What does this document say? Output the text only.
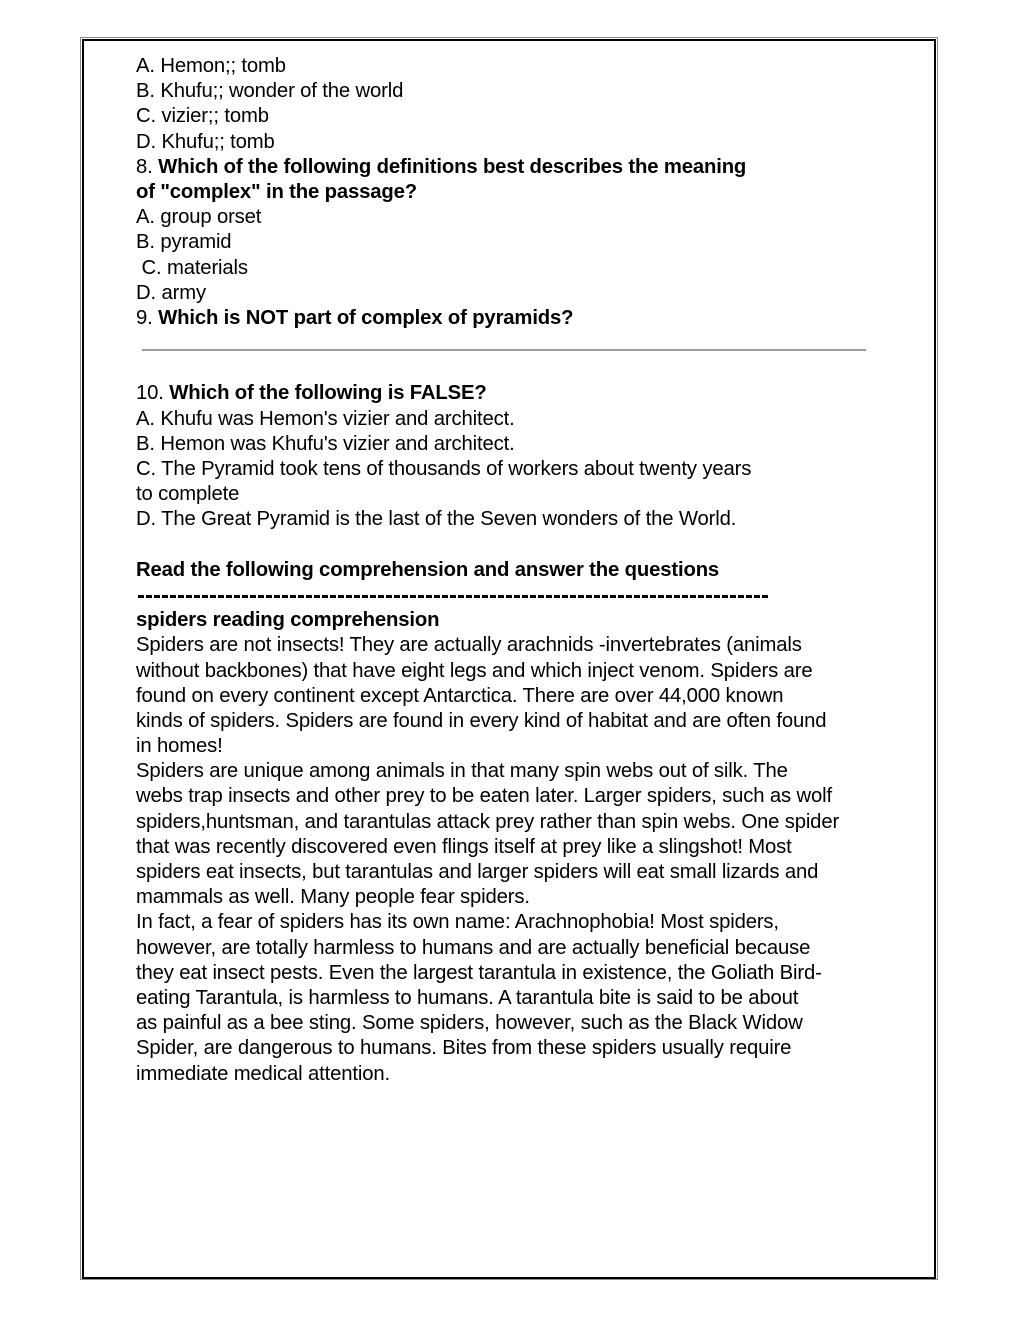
A. Hemon;; tomb
B. Khufu;; wonder of the world
C. vizier;; tomb
D. Khufu;; tomb
8. Which of the following definitions best describes the meaning
of "complex" in the passage?
A. group orset
B. pyramid
C. materials
D. army
9. Which is NOT part of complex of pyramids?
10. Which of the following is FALSE?
A. Khufu was Hemon's vizier and architect.
B. Hemon was Khufu's vizier and architect.
C. The Pyramid took tens of thousands of workers about twenty years
to complete
D. The Great Pyramid is the last of the Seven wonders of the World.
Read the following comprehension and answer the questions
spiders reading comprehension
Spiders are not insects! They are actually arachnids -invertebrates (animals
without backbones) that have eight legs and which inject venom. Spiders are
found on every continent except Antarctica. There are over 44,000 known
kinds of spiders. Spiders are found in every kind of habitat and are often found
in homes!
Spiders are unique among animals in that many spin webs out of silk. The
webs trap insects and other prey to be eaten later. Larger spiders, such as wolf
spiders,huntsman, and tarantulas attack prey rather than spin webs. One spider
that was recently discovered even flings itself at prey like a slingshot! Most
spiders eat insects, but tarantulas and larger spiders will eat small lizards and
mammals as well. Many people fear spiders.
In fact, a fear of spiders has its own name: Arachnophobia! Most spiders,
however, are totally harmless to humans and are actually beneficial because
they eat insect pests. Even the largest tarantula in existence, the Goliath Bird-
eating Tarantula, is harmless to humans. A tarantula bite is said to be about
as painful as a bee sting. Some spiders, however, such as the Black Widow
Spider, are dangerous to humans. Bites from these spiders usually require
immediate medical attention.
